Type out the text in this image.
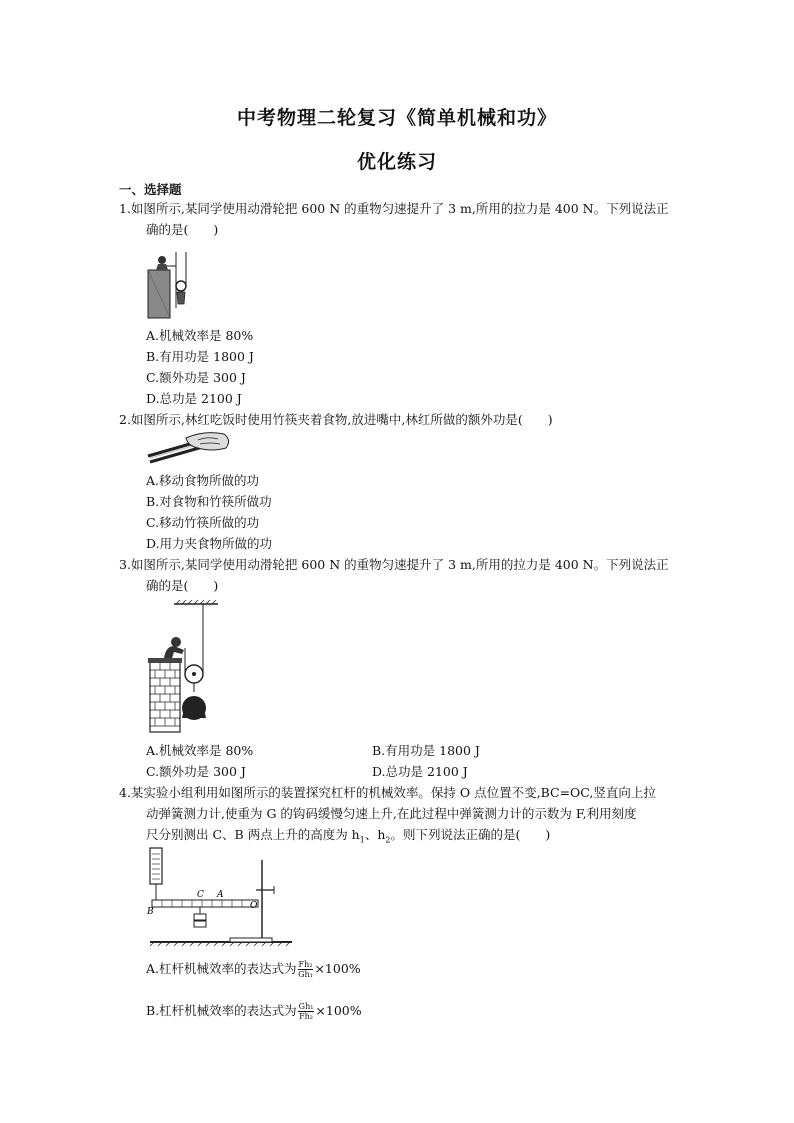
中考物理二轮复习《简单机械和功》
优化练习
一、选择题
1.如图所示,某同学使用动滑轮把 600 N 的重物匀速提升了 3 m,所用的拉力是 400 N。下列说法正
确的是(　　)
A.机械效率是 80%
B.有用功是 1800 J
C.额外功是 300 J
D.总功是 2100 J
2.如图所示,林红吃饭时使用竹筷夹着食物,放进嘴中,林红所做的额外功是(　　)
A.移动食物所做的功
B.对食物和竹筷所做功
C.移动竹筷所做的功
D.用力夹食物所做的功
3.如图所示,某同学使用动滑轮把 600 N 的重物匀速提升了 3 m,所用的拉力是 400 N。下列说法正
确的是(　　)
A.机械效率是 80%	B.有用功是 1800 J
C.额外功是 300 J	D.总功是 2100 J
4.某实验小组利用如图所示的装置探究杠杆的机械效率。保持 O 点位置不变,BC=OC,竖直向上拉
动弹簧测力计,使重为 G 的钩码缓慢匀速上升,在此过程中弹簧测力计的示数为 F,利用刻度
尺分别测出 C、B 两点上升的高度为 $h_1$、$h_2$。则下列说法正确的是(　　)
C A
B
O
A.杠杆机械效率的表达式为 $\frac{\text{Fh₂}}{\text{Gh₁}} \times 100\%$
B.杠杆机械效率的表达式为 $\frac{\text{Gh₁}}{\text{Fh₂}} \times 100\%$
